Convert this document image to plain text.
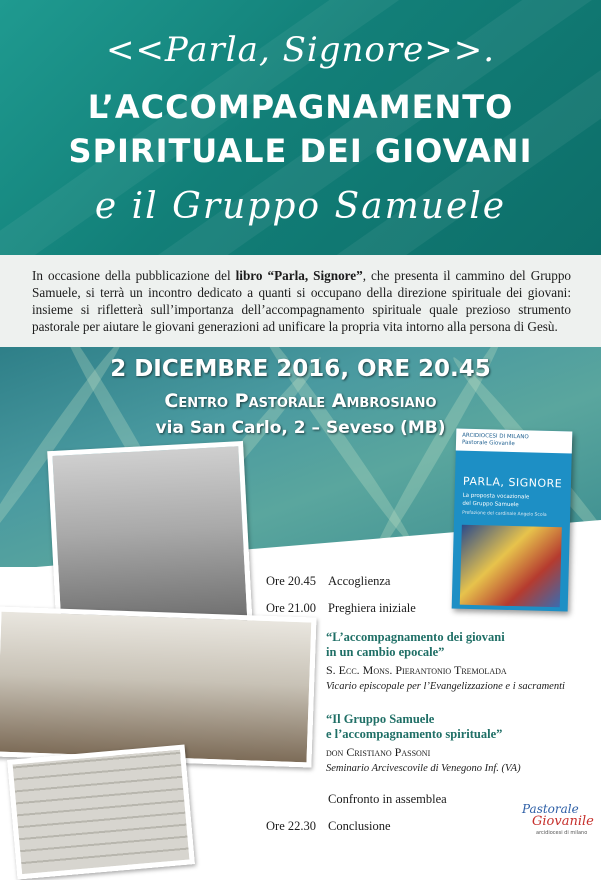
<<Parla, Signore>>.
L’ACCOMPAGNAMENTO
SPIRITUALE DEI GIOVANI
e il Gruppo Samuele

In occasione della pubblicazione del libro “Parla, Signore”, che presenta il cammino del Gruppo Samuele, si terrà un incontro dedicato a quanti si occupano della direzione spirituale dei giovani: insieme si rifletterà sull’importanza dell’accompagnamento spirituale quale prezioso strumento pastorale per aiutare le giovani generazioni ad unificare la propria vita intorno alla persona di Gesù.

2 DICEMBRE 2016, ORE 20.45
Centro Pastorale Ambrosiano
via San Carlo, 2 – Seveso (MB)	ARCIDIOCESI DI MILANO
Pastorale Giovanile
PARLA, SIGNORE
La proposta vocazionale
del Gruppo Samuele
Prefazione del cardinale Angelo Scola
Ore 20.45 Accoglienza
Ore 21.00 Preghiera iniziale
“L’accompagnamento dei giovani
in un cambio epocale”
S. Ecc. Mons. Pierantonio Tremolada
Vicario episcopale per l’Evangelizzazione e i sacramenti
“Il Gruppo Samuele
e l’accompagnamento spirituale”
don Cristiano Passoni
Seminario Arcivescovile di Venegono Inf. (VA)
Confronto in assemblea
Ore 22.30 Conclusione
Pastorale
Giovanile
arcidiocesi di milano
